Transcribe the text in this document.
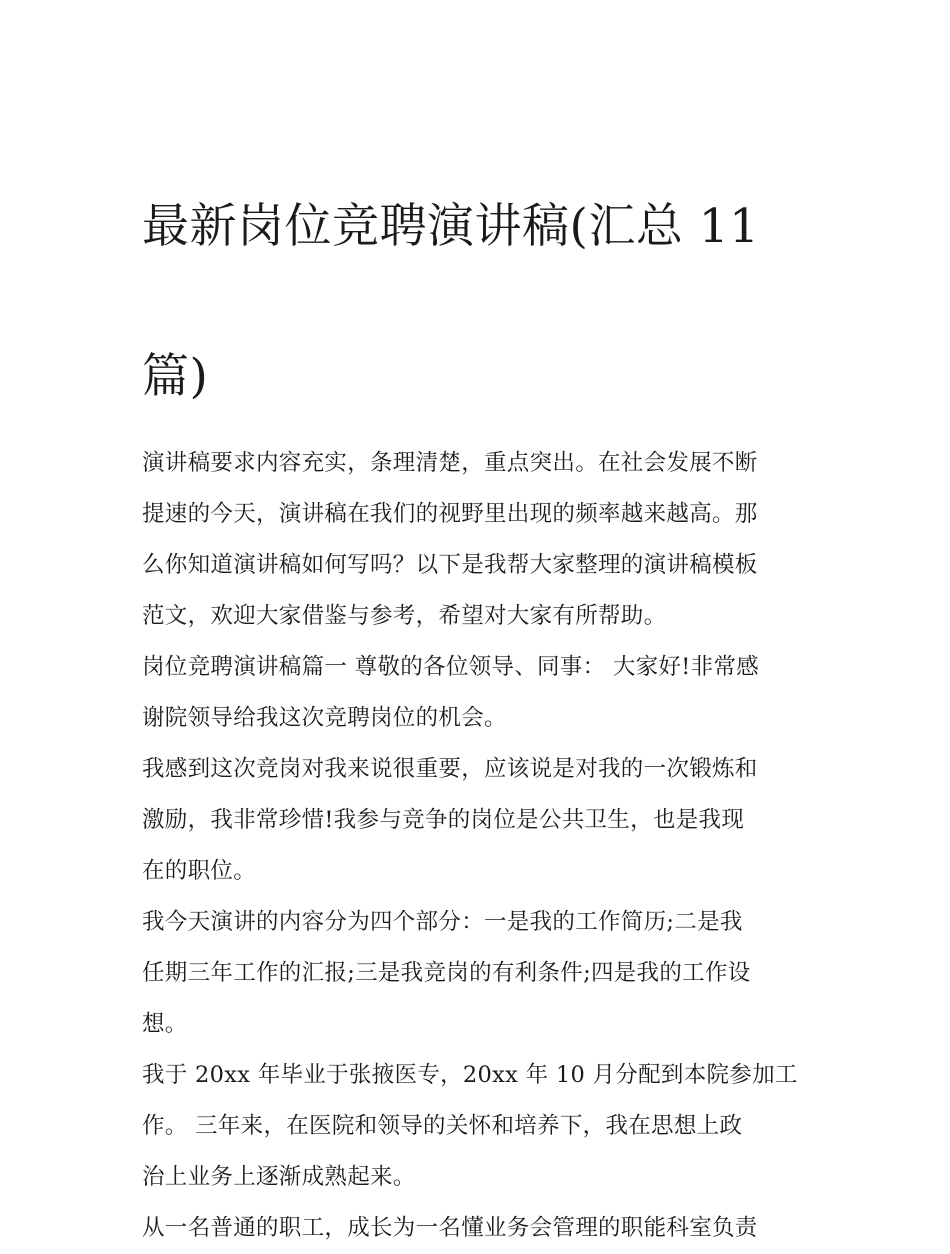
最新岗位竞聘演讲稿(汇总 11

篇)

演讲稿要求内容充实，条理清楚，重点突出。在社会发展不断
提速的今天，演讲稿在我们的视野里出现的频率越来越高。那
么你知道演讲稿如何写吗？以下是我帮大家整理的演讲稿模板
范文，欢迎大家借鉴与参考，希望对大家有所帮助。

岗位竞聘演讲稿篇一 尊敬的各位领导、同事： 大家好!非常感
谢院领导给我这次竞聘岗位的机会。

我感到这次竞岗对我来说很重要，应该说是对我的一次锻炼和
激励，我非常珍惜!我参与竞争的岗位是公共卫生，也是我现
在的职位。

我今天演讲的内容分为四个部分：一是我的工作简历;二是我
任期三年工作的汇报;三是我竞岗的有利条件;四是我的工作设
想。

我于 20xx 年毕业于张掖医专，20xx 年 10 月分配到本院参加工
作。 三年来，在医院和领导的关怀和培养下，我在思想上政
治上业务上逐渐成熟起来。

从一名普通的职工，成长为一名懂业务会管理的职能科室负责
